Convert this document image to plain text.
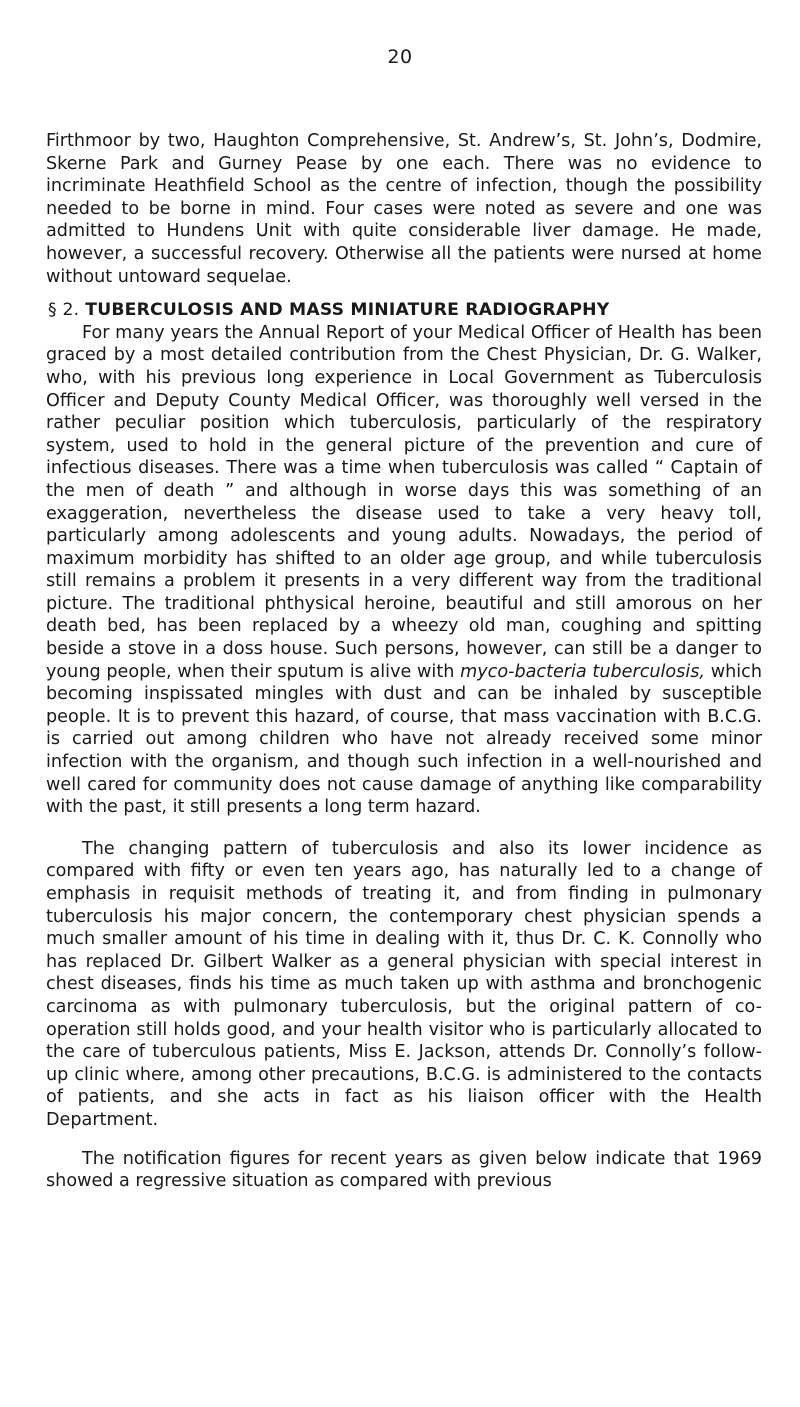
20

Firthmoor by two, Haughton Comprehensive, St. Andrew’s, St. John’s, Dodmire, Skerne Park and Gurney Pease by one each. There was no evidence to incriminate Heathfield School as the centre of infection, though the possibility needed to be borne in mind. Four cases were noted as severe and one was admitted to Hundens Unit with quite considerable liver damage. He made, however, a successful recovery. Otherwise all the patients were nursed at home without untoward sequelae.

§ 2. TUBERCULOSIS AND MASS MINIATURE RADIOGRAPHY

For many years the Annual Report of your Medical Officer of Health has been graced by a most detailed contribution from the Chest Physician, Dr. G. Walker, who, with his previous long experience in Local Government as Tuberculosis Officer and Deputy County Medical Officer, was thoroughly well versed in the rather peculiar position which tuberculosis, particularly of the respiratory system, used to hold in the general picture of the prevention and cure of infectious diseases. There was a time when tuberculosis was called “ Captain of the men of death ” and although in worse days this was something of an exaggeration, nevertheless the disease used to take a very heavy toll, particularly among adolescents and young adults. Nowadays, the period of maximum morbidity has shifted to an older age group, and while tuberculosis still remains a problem it presents in a very different way from the traditional picture. The traditional phthysical heroine, beautiful and still amorous on her death bed, has been replaced by a wheezy old man, coughing and spitting beside a stove in a doss house. Such persons, however, can still be a danger to young people, when their sputum is alive with myco-bacteria tuberculosis, which becoming inspissated mingles with dust and can be inhaled by susceptible people. It is to prevent this hazard, of course, that mass vaccination with B.C.G. is carried out among children who have not already received some minor infection with the organism, and though such infection in a well-nourished and well cared for community does not cause damage of anything like comparability with the past, it still presents a long term hazard.

The changing pattern of tuberculosis and also its lower incidence as compared with fifty or even ten years ago, has naturally led to a change of emphasis in requisit methods of treating it, and from finding in pulmonary tuberculosis his major concern, the contemporary chest physician spends a much smaller amount of his time in dealing with it, thus Dr. C. K. Connolly who has replaced Dr. Gilbert Walker as a general physician with special interest in chest diseases, finds his time as much taken up with asthma and bronchogenic carcinoma as with pulmonary tuberculosis, but the original pattern of co-operation still holds good, and your health visitor who is particularly allocated to the care of tuberculous patients, Miss E. Jackson, attends Dr. Connolly’s follow-up clinic where, among other precautions, B.C.G. is administered to the contacts of patients, and she acts in fact as his liaison officer with the Health Department.

The notification figures for recent years as given below indicate that 1969 showed a regressive situation as compared with previous
